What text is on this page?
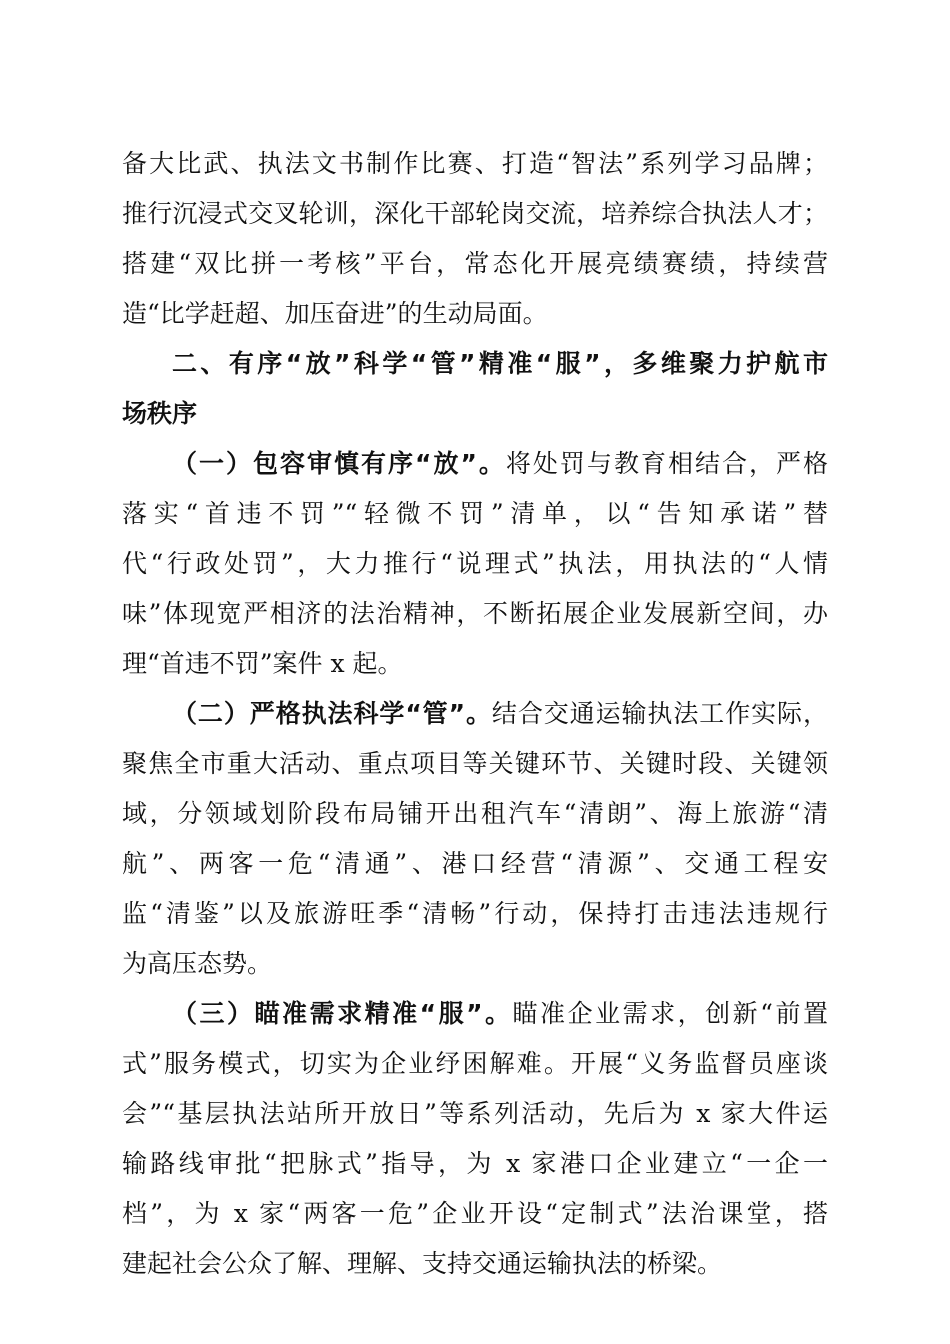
备大比武、执法文书制作比赛、打造“智法”系列学习品牌；
推行沉浸式交叉轮训，深化干部轮岗交流，培养综合执法人才；
搭建“双比拼一考核”平台，常态化开展亮绩赛绩，持续营
造“比学赶超、加压奋进”的生动局面。
二、有序“放”科学“管”精准“服”，多维聚力护航市
场秩序
（一）包容审慎有序“放”。将处罚与教育相结合，严格
落实“首违不罚”“轻微不罚”清单，以“告知承诺”替
代“行政处罚”，大力推行“说理式”执法，用执法的“人情
味”体现宽严相济的法治精神，不断拓展企业发展新空间，办
理“首违不罚”案件 x 起。
（二）严格执法科学“管”。结合交通运输执法工作实际，
聚焦全市重大活动、重点项目等关键环节、关键时段、关键领
域，分领域划阶段布局铺开出租汽车“清朗”、海上旅游“清
航”、两客一危“清通”、港口经营“清源”、交通工程安
监“清鉴”以及旅游旺季“清畅”行动，保持打击违法违规行
为高压态势。
（三）瞄准需求精准“服”。瞄准企业需求，创新“前置
式”服务模式，切实为企业纾困解难。开展“义务监督员座谈
会”“基层执法站所开放日”等系列活动，先后为 x 家大件运
输路线审批“把脉式”指导，为 x 家港口企业建立“一企一
档”，为 x 家“两客一危”企业开设“定制式”法治课堂，搭
建起社会公众了解、理解、支持交通运输执法的桥梁。
